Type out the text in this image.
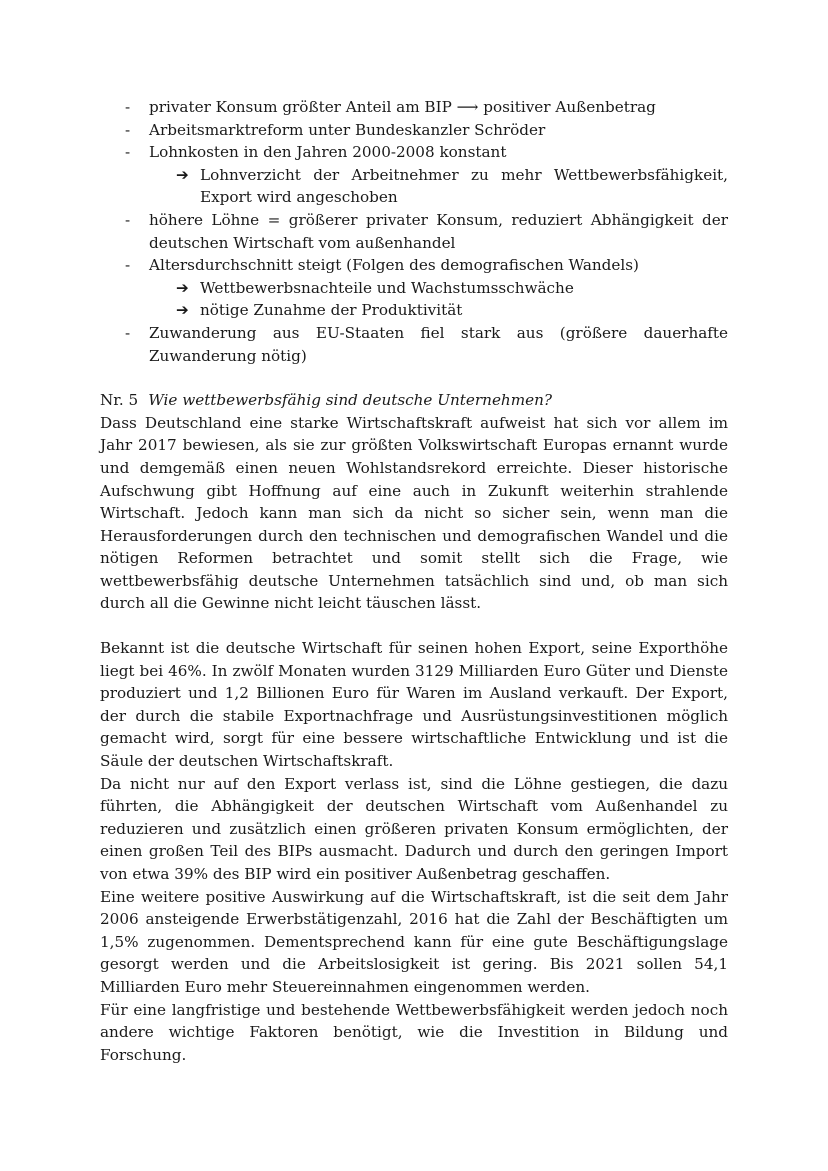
- privater Konsum größter Anteil am BIP ⟶ positiver Außenbetrag
- Arbeitsmarktreform unter Bundeskanzler Schröder
- Lohnkosten in den Jahren 2000-2008 konstant
➔ Lohnverzicht der Arbeitnehmer zu mehr Wettbewerbsfähigkeit, Export wird angeschoben
- höhere Löhne = größerer privater Konsum, reduziert Abhängigkeit der deutschen Wirtschaft vom außenhandel
- Altersdurchschnitt steigt (Folgen des demografischen Wandels)
➔ Wettbewerbsnachteile und Wachstumsschwäche
➔ nötige Zunahme der Produktivität
- Zuwanderung aus EU-Staaten fiel stark aus (größere dauerhafte Zuwanderung nötig)
Nr. 5 Wie wettbewerbsfähig sind deutsche Unternehmen?

Dass Deutschland eine starke Wirtschaftskraft aufweist hat sich vor allem im Jahr 2017 bewiesen, als sie zur größten Volkswirtschaft Europas ernannt wurde und demgemäß einen neuen Wohlstandsrekord erreichte. Dieser historische Aufschwung gibt Hoffnung auf eine auch in Zukunft weiterhin strahlende Wirtschaft. Jedoch kann man sich da nicht so sicher sein, wenn man die Herausforderungen durch den technischen und demografischen Wandel und die nötigen Reformen betrachtet und somit stellt sich die Frage, wie wettbewerbsfähig deutsche Unternehmen tatsächlich sind und, ob man sich durch all die Gewinne nicht leicht täuschen lässt.

Bekannt ist die deutsche Wirtschaft für seinen hohen Export, seine Exporthöhe liegt bei 46%. In zwölf Monaten wurden 3129 Milliarden Euro Güter und Dienste produziert und 1,2 Billionen Euro für Waren im Ausland verkauft. Der Export, der durch die stabile Exportnachfrage und Ausrüstungsinvestitionen möglich gemacht wird, sorgt für eine bessere wirtschaftliche Entwicklung und ist die Säule der deutschen Wirtschaftskraft.

Da nicht nur auf den Export verlass ist, sind die Löhne gestiegen, die dazu führten, die Abhängigkeit der deutschen Wirtschaft vom Außenhandel zu reduzieren und zusätzlich einen größeren privaten Konsum ermöglichten, der einen großen Teil des BIPs ausmacht. Dadurch und durch den geringen Import von etwa 39% des BIP wird ein positiver Außenbetrag geschaffen.

Eine weitere positive Auswirkung auf die Wirtschaftskraft, ist die seit dem Jahr 2006 ansteigende Erwerbstätigenzahl, 2016 hat die Zahl der Beschäftigten um 1,5% zugenommen. Dementsprechend kann für eine gute Beschäftigungslage gesorgt werden und die Arbeitslosigkeit ist gering. Bis 2021 sollen 54,1 Milliarden Euro mehr Steuereinnahmen eingenommen werden.

Für eine langfristige und bestehende Wettbewerbsfähigkeit werden jedoch noch andere wichtige Faktoren benötigt, wie die Investition in Bildung und Forschung.
